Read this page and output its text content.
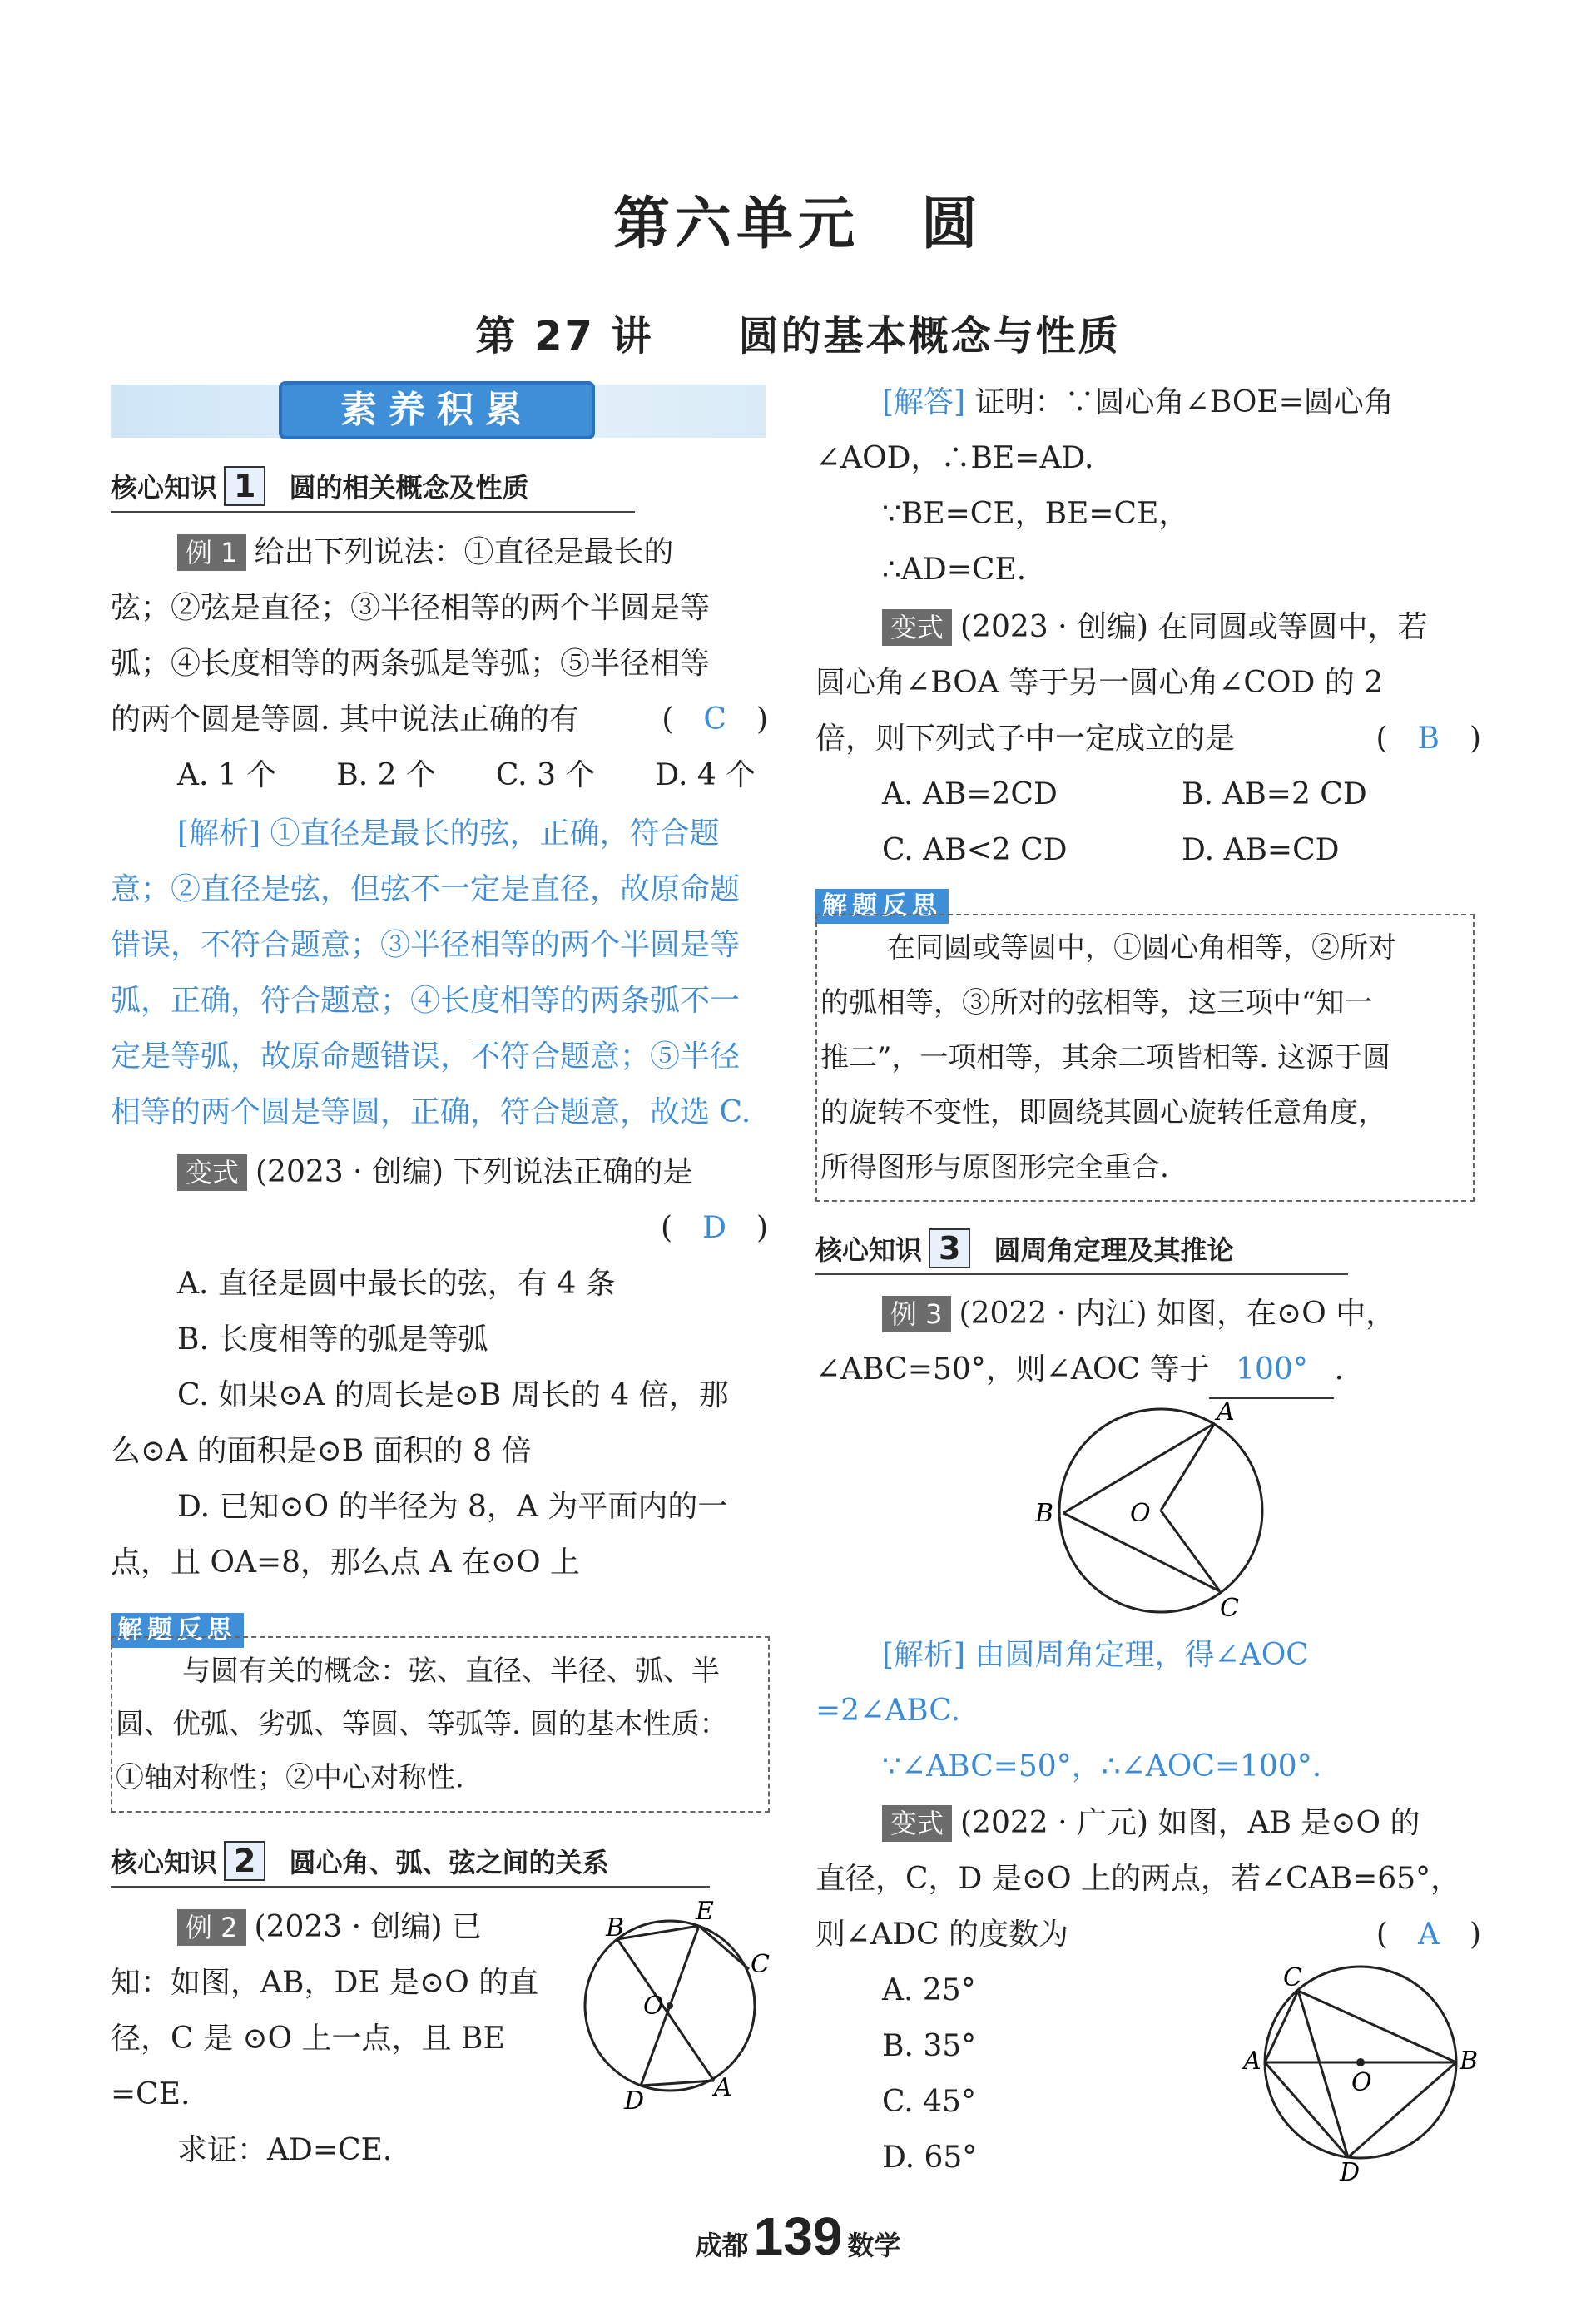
第六单元　圆
第 27 讲　　圆的基本概念与性质
素养积累
核心知识 1 圆的相关概念及性质
例 1 给出下列说法：①直径是最长的
弦；②弦是直径；③半径相等的两个半圆是等
弧；④长度相等的两条弧是等弧；⑤半径相等
的两个圆是等圆. 其中说法正确的有	(　C　)
A. 1 个　　B. 2 个　　C. 3 个　　D. 4 个
[解析] ①直径是最长的弦，正确，符合题
意；②直径是弦，但弦不一定是直径，故原命题
错误，不符合题意；③半径相等的两个半圆是等
弧，正确，符合题意；④长度相等的两条弧不一
定是等弧，故原命题错误，不符合题意；⑤半径
相等的两个圆是等圆，正确，符合题意，故选 C.
变式 (2023 · 创编) 下列说法正确的是
(　D　)
A. 直径是圆中最长的弦，有 4 条
B. 长度相等的弧是等弧
C. 如果⊙A 的周长是⊙B 周长的 4 倍，那
么⊙A 的面积是⊙B 面积的 8 倍
D. 已知⊙O 的半径为 8，A 为平面内的一
点，且 OA=8，那么点 A 在⊙O 上
解题反思
与圆有关的概念：弦、直径、半径、弧、半
圆、优弧、劣弧、等圆、等弧等. 圆的基本性质：
①轴对称性；②中心对称性.
核心知识 2 圆心角、弧、弦之间的关系
例 2 (2023 · 创编) 已
知：如图，AB，DE 是⊙O 的直
径，C 是 ⊙O 上一点，且 BE
=CE.
求证：AD=CE.
B
E
C
O
D	A
[解答] 证明：∵圆心角∠BOE=圆心角
∠AOD，∴BE=AD.
∵BE=CE，BE=CE，
∴AD=CE.
变式 (2023 · 创编) 在同圆或等圆中，若
圆心角∠BOA 等于另一圆心角∠COD 的 2
倍，则下列式子中一定成立的是	(　B　)
A. AB=2CD	B. AB=2 CD
C. AB<2 CD	D. AB=CD
解题反思
在同圆或等圆中，①圆心角相等，②所对
的弧相等，③所对的弦相等，这三项中“知一
推二”，一项相等，其余二项皆相等. 这源于圆
的旋转不变性，即圆绕其圆心旋转任意角度，
所得图形与原图形完全重合.
核心知识 3 圆周角定理及其推论
例 3 (2022 · 内江) 如图，在⊙O 中，
∠ABC=50°，则∠AOC 等于 100° .
A
B	O
C
[解析] 由圆周角定理，得∠AOC
=2∠ABC.
∵∠ABC=50°，∴∠AOC=100°.
变式 (2022 · 广元) 如图，AB 是⊙O 的
直径，C，D 是⊙O 上的两点，若∠CAB=65°，
则∠ADC 的度数为	(　A　)
A. 25°
B. 35°
C. 45°
D. 65°
C
A
O
B
D
成都139 数学
